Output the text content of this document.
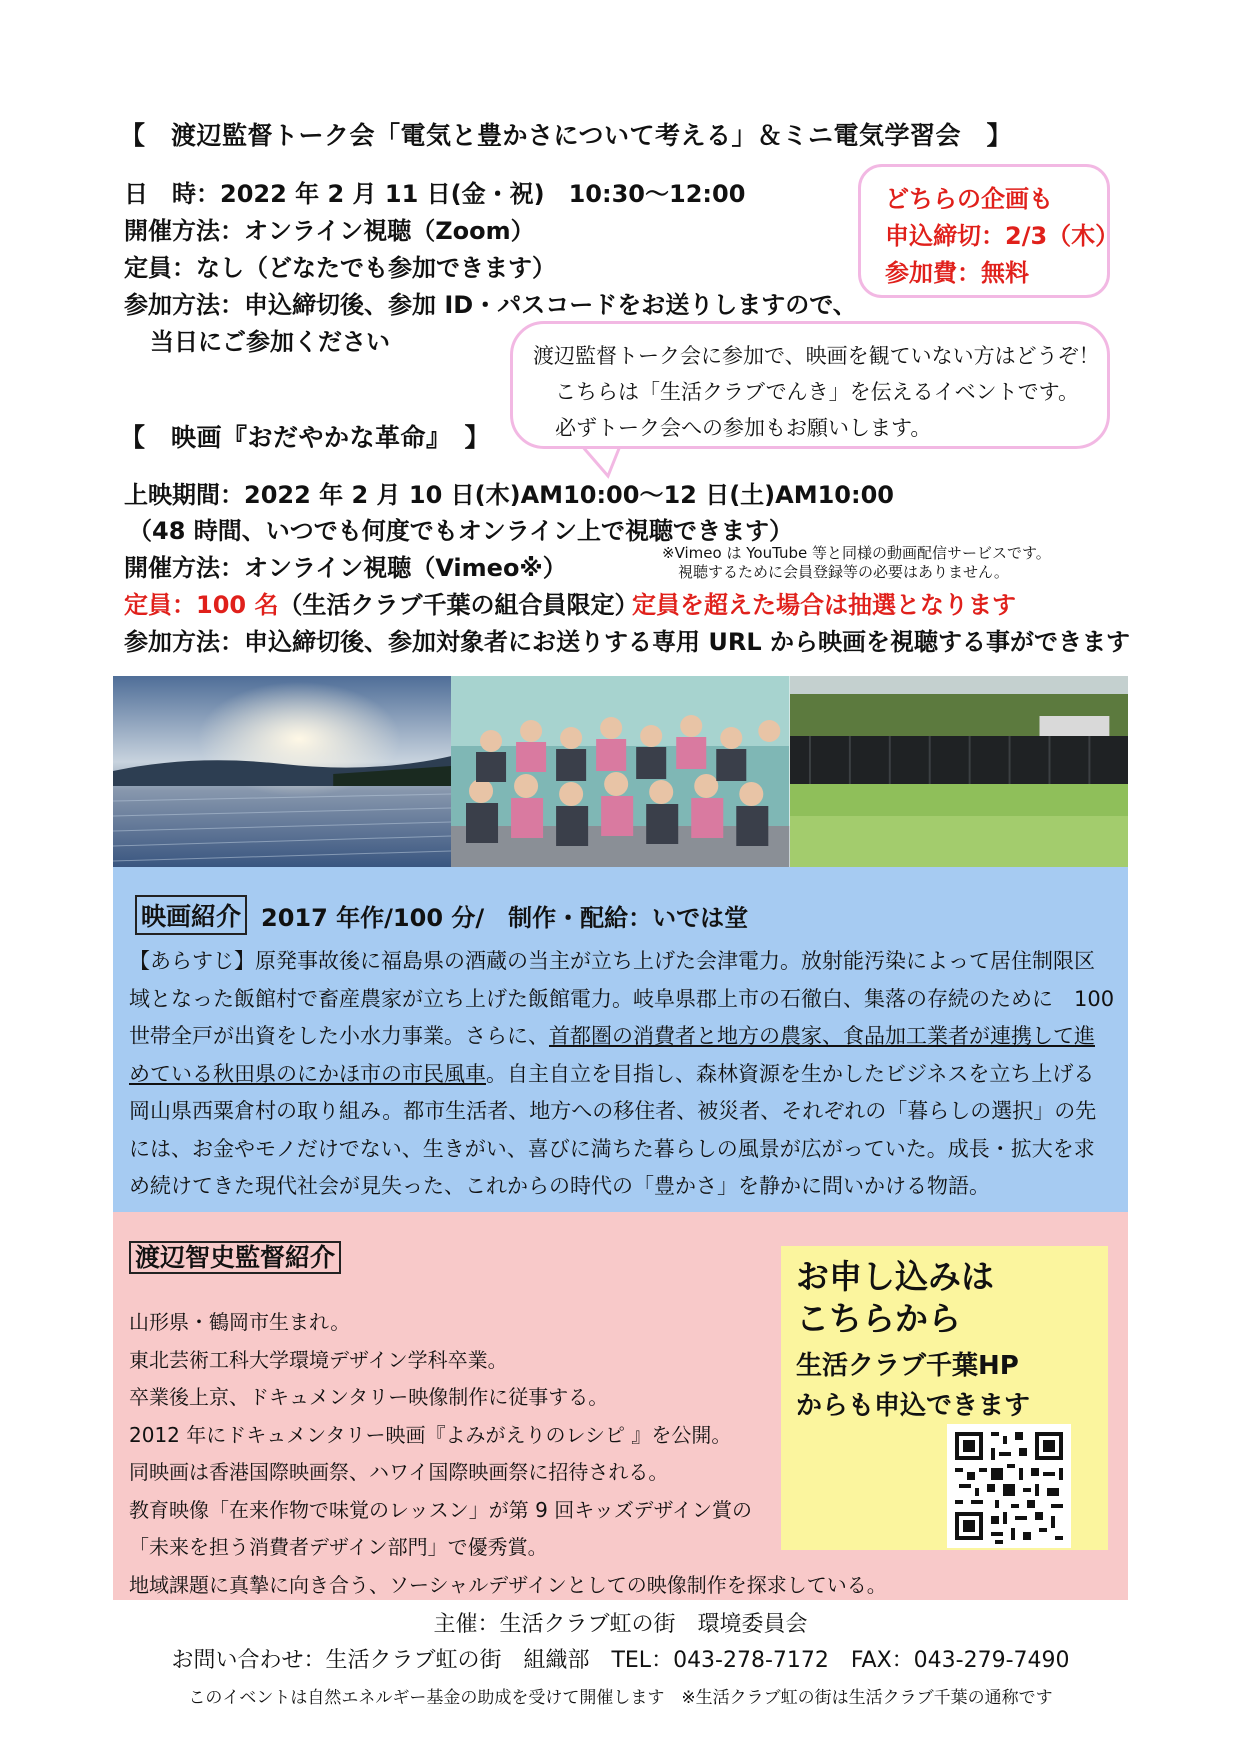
【　渡辺監督トーク会「電気と豊かさについて考える」＆ミニ電気学習会　】
日　時：2022 年 2 月 11 日(金・祝)　10:30～12:00
開催方法：オンライン視聴（Zoom）
定員：なし（どなたでも参加できます）
参加方法：申込締切後、参加 ID・パスコードをお送りしますので、
当日にご参加ください
どちらの企画も
申込締切：2/3（木）
参加費：無料
渡辺監督トーク会に参加で、映画を観ていない方はどうぞ！
こちらは「生活クラブでんき」を伝えるイベントです。
必ずトーク会への参加もお願いします。
【　映画『おだやかな革命』　】
上映期間：2022 年 2 月 10 日(木)AM10:00～12 日(土)AM10:00
（48 時間、いつでも何度でもオンライン上で視聴できます）
開催方法：オンライン視聴（Vimeo※）
※Vimeo は YouTube 等と同様の動画配信サービスです。
視聴するために会員登録等の必要はありません。
定員：100 名（生活クラブ千葉の組合員限定）
定員を超えた場合は抽選となります
参加方法：申込締切後、参加対象者にお送りする専用 URL から映画を視聴する事ができます
映画紹介 2017 年作/100 分/　制作・配給：いでは堂
【あらすじ】原発事故後に福島県の酒蔵の当主が立ち上げた会津電力。放射能汚染によって居住制限区域となった飯館村で畜産農家が立ち上げた飯館電力。岐阜県郡上市の石徹白、集落の存続のために　100 世帯全戸が出資をした小水力事業。さらに、首都圏の消費者と地方の農家、食品加工業者が連携して進めている秋田県のにかほ市の市民風車。自主自立を目指し、森林資源を生かしたビジネスを立ち上げる岡山県西粟倉村の取り組み。都市生活者、地方への移住者、被災者、それぞれの「暮らしの選択」の先には、お金やモノだけでない、生きがい、喜びに満ちた暮らしの風景が広がっていた。成長・拡大を求め続けてきた現代社会が見失った、これからの時代の「豊かさ」を静かに問いかける物語。
渡辺智史監督紹介
山形県・鶴岡市生まれ。
東北芸術工科大学環境デザイン学科卒業。
卒業後上京、ドキュメンタリー映像制作に従事する。
2012 年にドキュメンタリー映画『よみがえりのレシピ 』を公開。
同映画は香港国際映画祭、ハワイ国際映画祭に招待される。
教育映像「在来作物で味覚のレッスン」が第 9 回キッズデザイン賞の
「未来を担う消費者デザイン部門」で優秀賞。
地域課題に真摯に向き合う、ソーシャルデザインとしての映像制作を探求している。
お申し込みは
こちらから
生活クラブ千葉HP
からも申込できます
主催：生活クラブ虹の街　環境委員会
お問い合わせ：生活クラブ虹の街　組織部　TEL：043-278-7172　FAX：043-279-7490
このイベントは自然エネルギー基金の助成を受けて開催します　※生活クラブ虹の街は生活クラブ千葉の通称です
